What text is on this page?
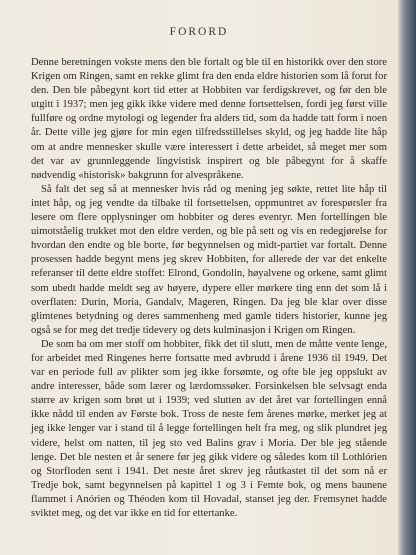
FORORD

Denne beretningen vokste mens den ble fortalt og ble til en historikk over den store Krigen om Ringen, samt en rekke glimt fra den enda eldre historien som lå forut for den. Den ble påbegynt kort tid etter at Hobbiten var ferdigskrevet, og før den ble utgitt i 1937; men jeg gikk ikke videre med denne fortsettelsen, fordi jeg først ville fullføre og ordne mytologi og legender fra alders tid, som da hadde tatt form i noen år. Dette ville jeg gjøre for min egen tilfredsstillelses skyld, og jeg hadde lite håp om at andre mennesker skulle være interessert i dette arbeidet, så meget mer som det var av grunnleggende lingvistisk inspirert og ble påbegynt for å skaffe nødvendig «historisk» bakgrunn for alvespråkene.

Så falt det seg så at mennesker hvis råd og mening jeg søkte, rettet lite håp til intet håp, og jeg vendte da tilbake til fortsettelsen, oppmuntret av forespørsler fra lesere om flere opplysninger om hobbiter og deres eventyr. Men fortellingen ble uimotståelig trukket mot den eldre verden, og ble på sett og vis en redegjørelse for hvordan den endte og ble borte, før begynnelsen og midt-partiet var fortalt. Denne prosessen hadde begynt mens jeg skrev Hobbiten, for allerede der var det enkelte referanser til dette eldre stoffet: Elrond, Gondolin, høyalvene og orkene, samt glimt som ubedt hadde meldt seg av høyere, dypere eller mørkere ting enn det som lå i overflaten: Durin, Moria, Gandalv, Mageren, Ringen. Da jeg ble klar over disse glimtenes betydning og deres sammenheng med gamle tiders historier, kunne jeg også se for meg det tredje tidevery og dets kulminasjon i Krigen om Ringen.

De som ba om mer stoff om hobbiter, fikk det til slutt, men de måtte vente lenge, for arbeidet med Ringenes herre fortsatte med avbrudd i årene 1936 til 1949. Det var en periode full av plikter som jeg ikke forsømte, og ofte ble jeg oppslukt av andre interesser, både som lærer og lærdomssøker. Forsinkelsen ble selvsagt enda større av krigen som brøt ut i 1939; ved slutten av det året var fortellingen ennå ikke nådd til enden av Første bok. Tross de neste fem årenes mørke, merket jeg at jeg ikke lenger var i stand til å legge fortellingen helt fra meg, og slik plundret jeg videre, helst om natten, til jeg sto ved Balins grav i Moria. Der ble jeg stående lenge. Det ble nesten et år senere før jeg gikk videre og således kom til Lothlórien og Storfloden sent i 1941. Det neste året skrev jeg råutkastet til det som nå er Tredje bok, samt begynnelsen på kapittel 1 og 3 i Femte bok, og mens baunene flammet i Anórien og Théoden kom til Hovadal, stanset jeg der. Fremsynet hadde sviktet meg, og det var ikke en tid for ettertanke.
